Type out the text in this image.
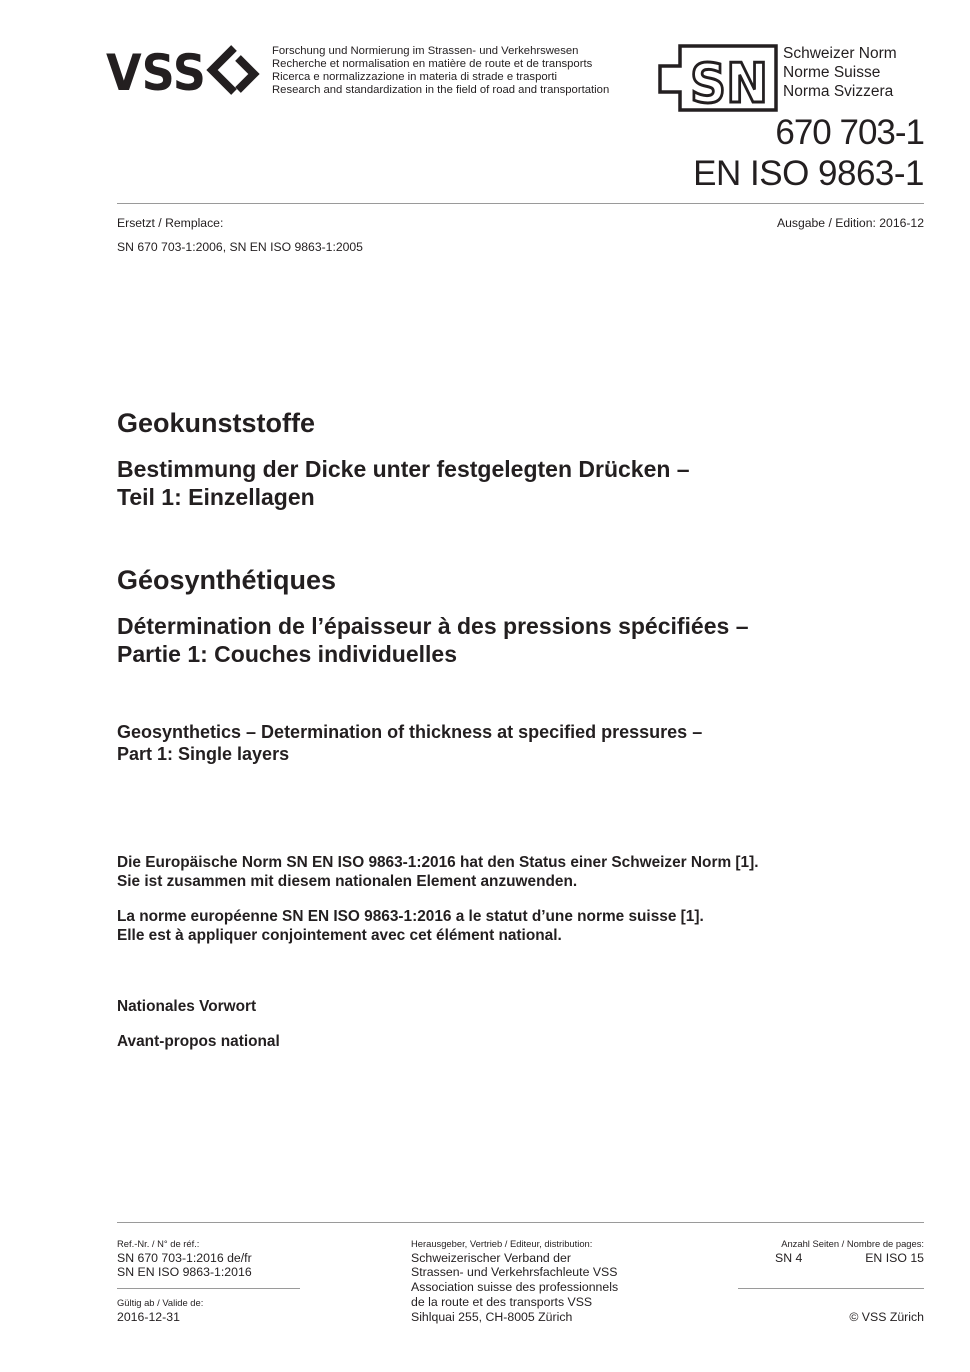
VSS	Forschung und Normierung im Strassen- und Verkehrswesen
Recherche et normalisation en matière de route et de transports
Ricerca e normalizzazione in materia di strade e trasporti
Research and standardization in the field of road and transportation SN Schweizer Norm
Norme Suisse
Norma Svizzera
670 703-1
EN ISO 9863-1
Ersetzt / Remplace:	Ausgabe / Edition: 2016-12
SN 670 703-1:2006, SN EN ISO 9863-1:2005
Geokunststoffe
Bestimmung der Dicke unter festgelegten Drücken –
Teil 1: Einzellagen
Géosynthétiques
Détermination de l’épaisseur à des pressions spécifiées –
Partie 1: Couches individuelles
Geosynthetics – Determination of thickness at specified pressures –
Part 1: Single layers
Die Europäische Norm SN EN ISO 9863-1:2016 hat den Status einer Schweizer Norm [1].
Sie ist zusammen mit diesem nationalen Element anzuwenden.
La norme européenne SN EN ISO 9863-1:2016 a le statut d’une norme suisse [1].
Elle est à appliquer conjointement avec cet élément national.
Nationales Vorwort
Avant-propos national
Ref.-Nr. / N° de réf.:
SN 670 703-1:2016 de/fr
SN EN ISO 9863-1:2016
Gültig ab / Valide de:
2016-12-31
Herausgeber, Vertrieb / Editeur, distribution:
Schweizerischer Verband der
Strassen- und Verkehrsfachleute VSS
Association suisse des professionnels
de la route et des transports VSS
Sihlquai 255, CH-8005 Zürich
Anzahl Seiten / Nombre de pages:
SN 4	EN ISO 15
© VSS Zürich
